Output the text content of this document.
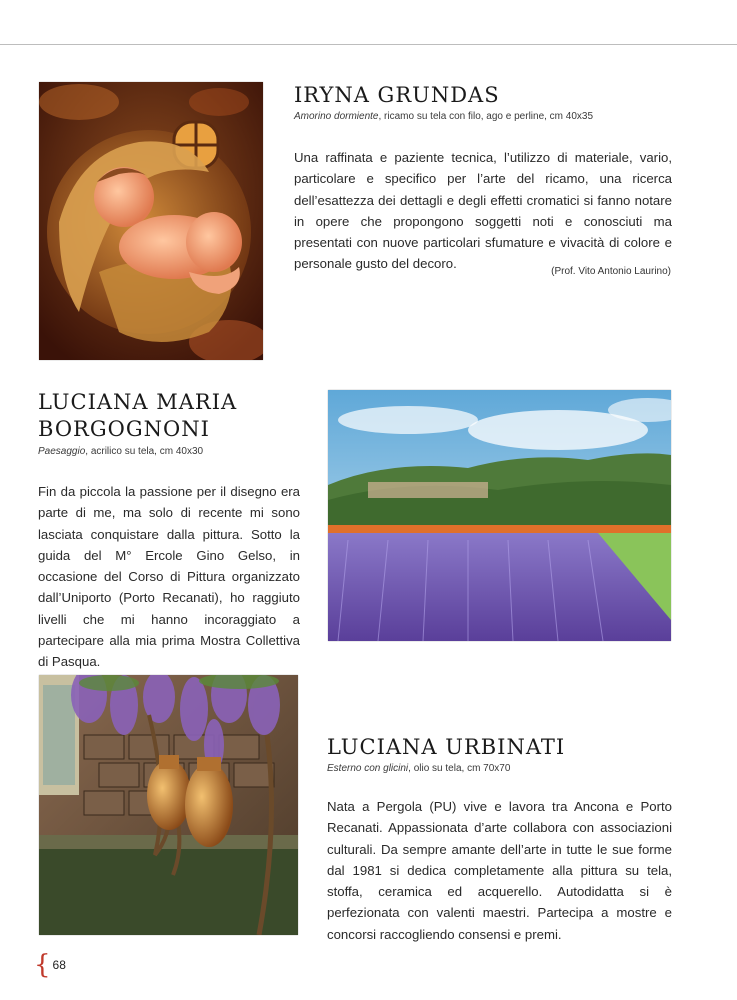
IRYNA GRUNDAS

Amorino dormiente, ricamo su tela con filo, ago e perline, cm 40x35

Una raffinata e paziente tecnica, l’utilizzo di materiale, vario, particolare e specifico per l’arte del ricamo, una ricerca dell’esattezza dei dettagli e degli effetti cromatici si fanno notare in opere che propongono soggetti noti e conosciuti ma presentati con nuove particolari sfumature e vivacità di colore e personale gusto del decoro.

(Prof. Vito Antonio Laurino)

LUCIANA MARIA
BORGOGNONI

Paesaggio, acrilico su tela, cm 40x30

Fin da piccola la passione per il disegno era parte di me, ma solo di recente mi sono lasciata conquistare dalla pittura. Sotto la guida del M° Ercole Gino Gelso, in occasione del Corso di Pittura organizzato dall’Uniporto (Porto Recanati), ho raggiuto livelli che mi hanno incoraggiato a partecipare alla mia prima Mostra Collettiva di Pasqua.

LUCIANA URBINATI

Esterno con glicini, olio su tela, cm 70x70

Nata a Pergola (PU) vive e lavora tra Ancona e Porto Recanati. Appassionata d’arte collabora con associazioni culturali. Da sempre amante dell’arte in tutte le sue forme dal 1981 si dedica completamente alla pittura su tela, stoffa, ceramica ed acquerello. Autodidatta si è perfezionata con valenti maestri. Partecipa a mostre e concorsi raccogliendo consensi e premi.

{ 68
